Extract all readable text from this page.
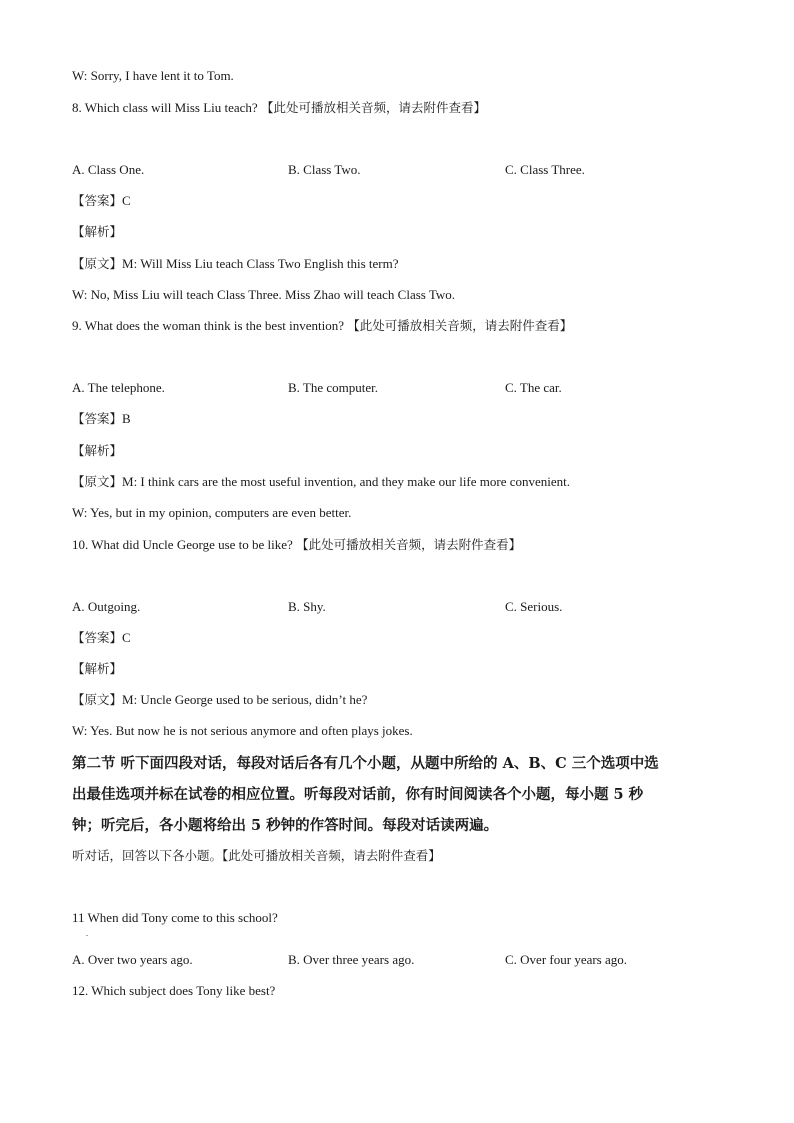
W: Sorry, I have lent it to Tom.
8. Which class will Miss Liu teach? 【此处可播放相关音频，请去附件查看】
A. Class One.	B. Class Two.	C. Class Three.
【答案】C
【解析】
【原文】M: Will Miss Liu teach Class Two English this term?
W: No, Miss Liu will teach Class Three. Miss Zhao will teach Class Two.
9. What does the woman think is the best invention? 【此处可播放相关音频，请去附件查看】
A. The telephone.	B. The computer.	C. The car.
【答案】B
【解析】
【原文】M: I think cars are the most useful invention, and they make our life more convenient.
W: Yes, but in my opinion, computers are even better.
10. What did Uncle George use to be like? 【此处可播放相关音频，请去附件查看】
A. Outgoing.	B. Shy.	C. Serious.
【答案】C
【解析】
【原文】M: Uncle George used to be serious, didn’t he?
W: Yes. But now he is not serious anymore and often plays jokes.
第二节 听下面四段对话，每段对话后各有几个小题，从题中所给的 A、B、C 三个选项中选
出最佳选项并标在试卷的相应位置。听每段对话前，你有时间阅读各个小题，每小题 5 秒
钟；听完后，各小题将给出 5 秒钟的作答时间。每段对话读两遍。
听对话，回答以下各小题。【此处可播放相关音频，请去附件查看】
11 When did Tony come to this school?
.
A. Over two years ago.	B. Over three years ago.	C. Over four years ago.
12. Which subject does Tony like best?
